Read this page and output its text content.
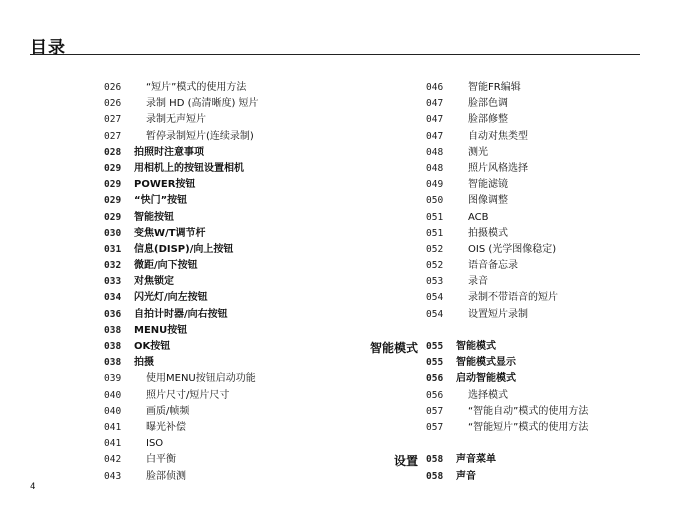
目录
026	“短片”模式的使用方法
026	录制 HD (高清晰度) 短片
027	录制无声短片
027	暂停录制短片(连续录制)
028	拍照时注意事项
029	用相机上的按钮设置相机
029	POWER按钮
029	“快门”按钮
029	智能按钮
030	变焦W/T调节杆
031	信息(DISP)/向上按钮
032	微距/向下按钮
033	对焦锁定
034	闪光灯/向左按钮
036	自拍计时器/向右按钮
038	MENU按钮
038	OK按钮
038	拍摄
039	使用MENU按钮启动功能
040	照片尺寸/短片尺寸
040	画质/帧频
041	曝光补偿
041	ISO
042	白平衡
043	脸部侦测
046	智能FR编辑
047	脸部色调
047	脸部修整
047	自动对焦类型
048	测光
048	照片风格选择
049	智能滤镜
050	图像调整
051	ACB
051	拍摄模式
052	OIS (光学图像稳定)
052	语音备忘录
053	录音
054	录制不带语音的短片
054	设置短片录制
055	智能模式
055	智能模式显示
056	启动智能模式
056	选择模式
057	“智能自动”模式的使用方法
057	“智能短片”模式的使用方法
058	声音菜单
058	声音
智能模式
设置
4
